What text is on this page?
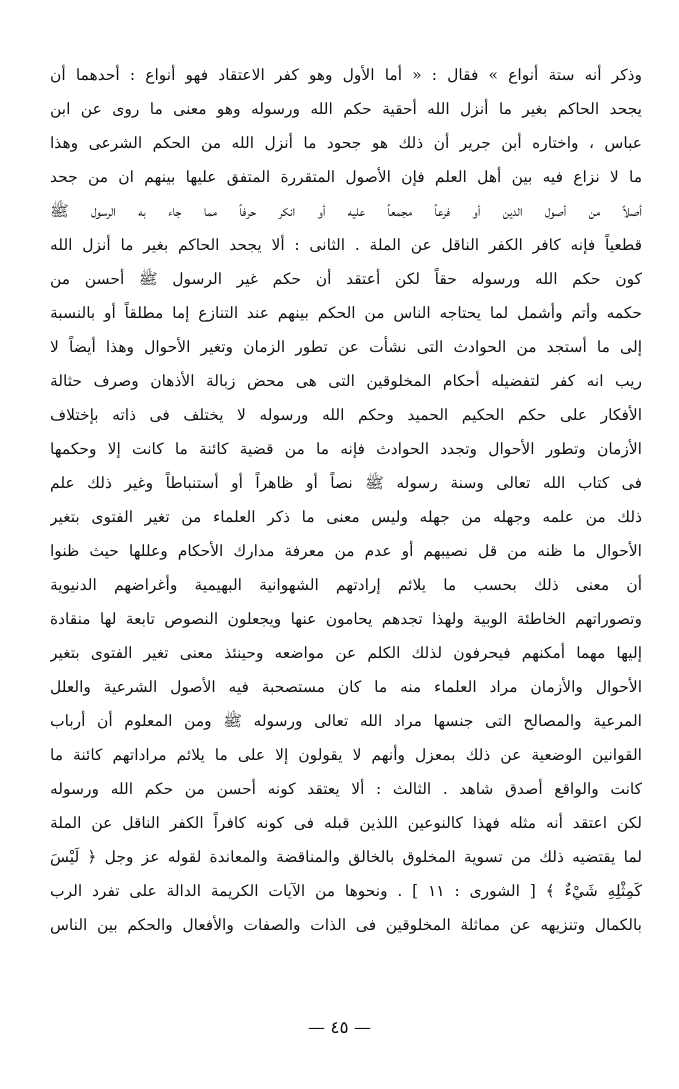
وذكر أنه ستة أنواع » فقال : « أما الأول وهو كفر الاعتقاد فهو أنواع : أحدهما أن
يجحد الحاكم بغير ما أنزل الله أحقية حكم الله ورسوله وهو معنى ما روى عن ابن
عباس ، واختاره أبن جرير أن ذلك هو جحود ما أنزل الله من الحكم الشرعى وهذا
ما لا نزاع فيه بين أهل العلم فإن الأصول المتقررة المتفق عليها بينهم ان من جحد
أصلاً من أصول الدين أو فرعاً مجمعاً عليه أو انكر حرفاً مما جاء به الرسول ﷺ
قطعياً فإنه كافر الكفر الناقل عن الملة . الثانى : ألا يجحد الحاكم بغير ما أنزل الله
كون حكم الله ورسوله حقاً لكن أعتقد أن حكم غير الرسول ﷺ أحسن من
حكمه وأتم وأشمل لما يحتاجه الناس من الحكم بينهم عند التنازع إما مطلقاً أو بالنسبة
إلى ما أستجد من الحوادث التى نشأت عن تطور الزمان وتغير الأحوال وهذا أيضاً لا
ريب انه كفر لتفضيله أحكام المخلوقين التى هى محض زبالة الأذهان وصرف حثالة
الأفكار على حكم الحكيم الحميد وحكم الله ورسوله لا يختلف فى ذاته بإختلاف
الأزمان وتطور الأحوال وتجدد الحوادث فإنه ما من قضية كائنة ما كانت إلا وحكمها
فى كتاب الله تعالى وسنة رسوله ﷺ نصاً أو ظاهراً أو أستنباطاً وغير ذلك علم
ذلك من علمه وجهله من جهله وليس معنى ما ذكر العلماء من تغير الفتوى بتغير
الأحوال ما ظنه من قل نصيبهم أو عدم من معرفة مدارك الأحكام وعللها حيث ظنوا
أن معنى ذلك بحسب ما يلائم إرادتهم الشهوانية البهيمية وأغراضهم الدنيوية
وتصوراتهم الخاطئة الوبية ولهذا تجدهم يحامون عنها ويجعلون النصوص تابعة لها منقادة
إليها مهما أمكنهم فيحرفون لذلك الكلم عن مواضعه وحينئذ معنى تغير الفتوى بتغير
الأحوال والأزمان مراد العلماء منه ما كان مستصحبة فيه الأصول الشرعية والعلل
المرعية والمصالح التى جنسها مراد الله تعالى ورسوله ﷺ ومن المعلوم أن أرباب
القوانين الوضعية عن ذلك بمعزل وأنهم لا يقولون إلا على ما يلائم مراداتهم كائنة ما
كانت والواقع أصدق شاهد . الثالث : ألا يعتقد كونه أحسن من حكم الله ورسوله
لكن اعتقد أنه مثله فهذا كالنوعين اللذين قبله فى كونه كافراً الكفر الناقل عن الملة
لما يقتضيه ذلك من تسوية المخلوق بالخالق والمناقضة والمعاندة لقوله عز وجل ﴿ لَيْسَ
كَمِثْلِهِ شَيْءٌ ﴾ [ الشورى : ١١ ] . ونحوها من الآيات الكريمة الدالة على تفرد الرب
بالكمال وتنزيهه عن مماثلة المخلوقين فى الذات والصفات والأفعال والحكم بين الناس
— ٤٥ —
